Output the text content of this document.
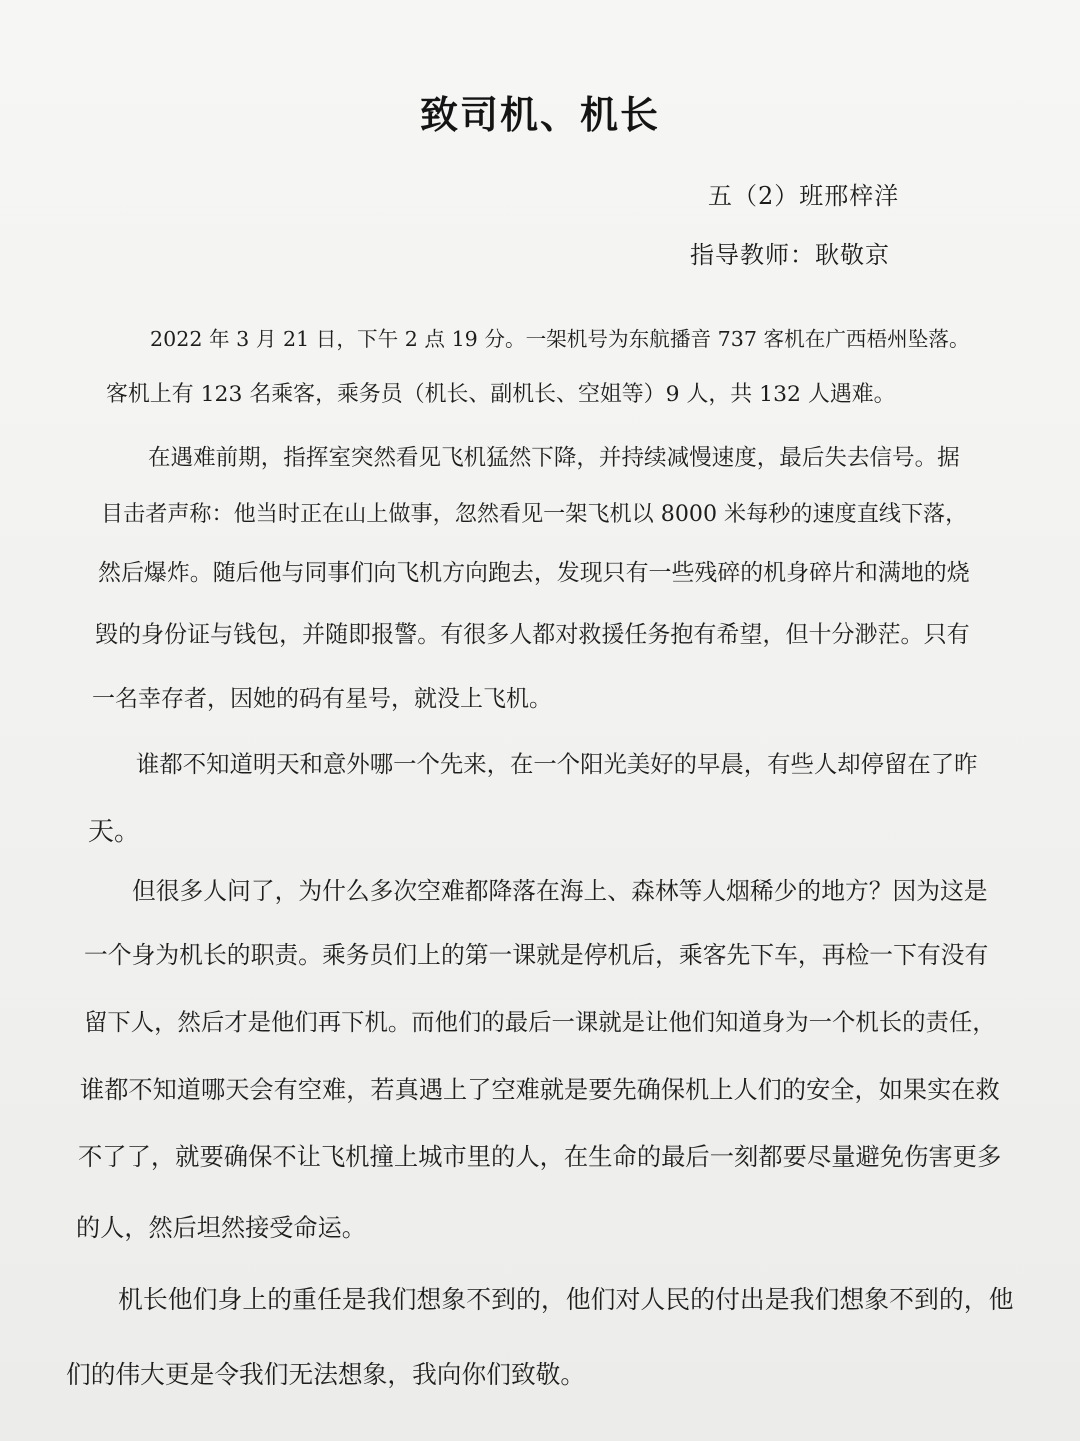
致司机、机长
五（2）班邢梓洋
指导教师：耿敬京
2022 年 3 月 21 日，下午 2 点 19 分。一架机号为东航播音 737 客机在广西梧州坠落。
客机上有 123 名乘客，乘务员（机长、副机长、空姐等）9 人，共 132 人遇难。
在遇难前期，指挥室突然看见飞机猛然下降，并持续减慢速度，最后失去信号。据
目击者声称：他当时正在山上做事，忽然看见一架飞机以 8000 米每秒的速度直线下落，
然后爆炸。随后他与同事们向飞机方向跑去，发现只有一些残碎的机身碎片和满地的烧
毁的身份证与钱包，并随即报警。有很多人都对救援任务抱有希望，但十分渺茫。只有
一名幸存者，因她的码有星号，就没上飞机。
谁都不知道明天和意外哪一个先来，在一个阳光美好的早晨，有些人却停留在了昨
天。
但很多人问了，为什么多次空难都降落在海上、森林等人烟稀少的地方？因为这是
一个身为机长的职责。乘务员们上的第一课就是停机后，乘客先下车，再检一下有没有
留下人，然后才是他们再下机。而他们的最后一课就是让他们知道身为一个机长的责任，
谁都不知道哪天会有空难，若真遇上了空难就是要先确保机上人们的安全，如果实在救
不了了，就要确保不让飞机撞上城市里的人，在生命的最后一刻都要尽量避免伤害更多
的人，然后坦然接受命运。
机长他们身上的重任是我们想象不到的，他们对人民的付出是我们想象不到的，他
们的伟大更是令我们无法想象，我向你们致敬。
